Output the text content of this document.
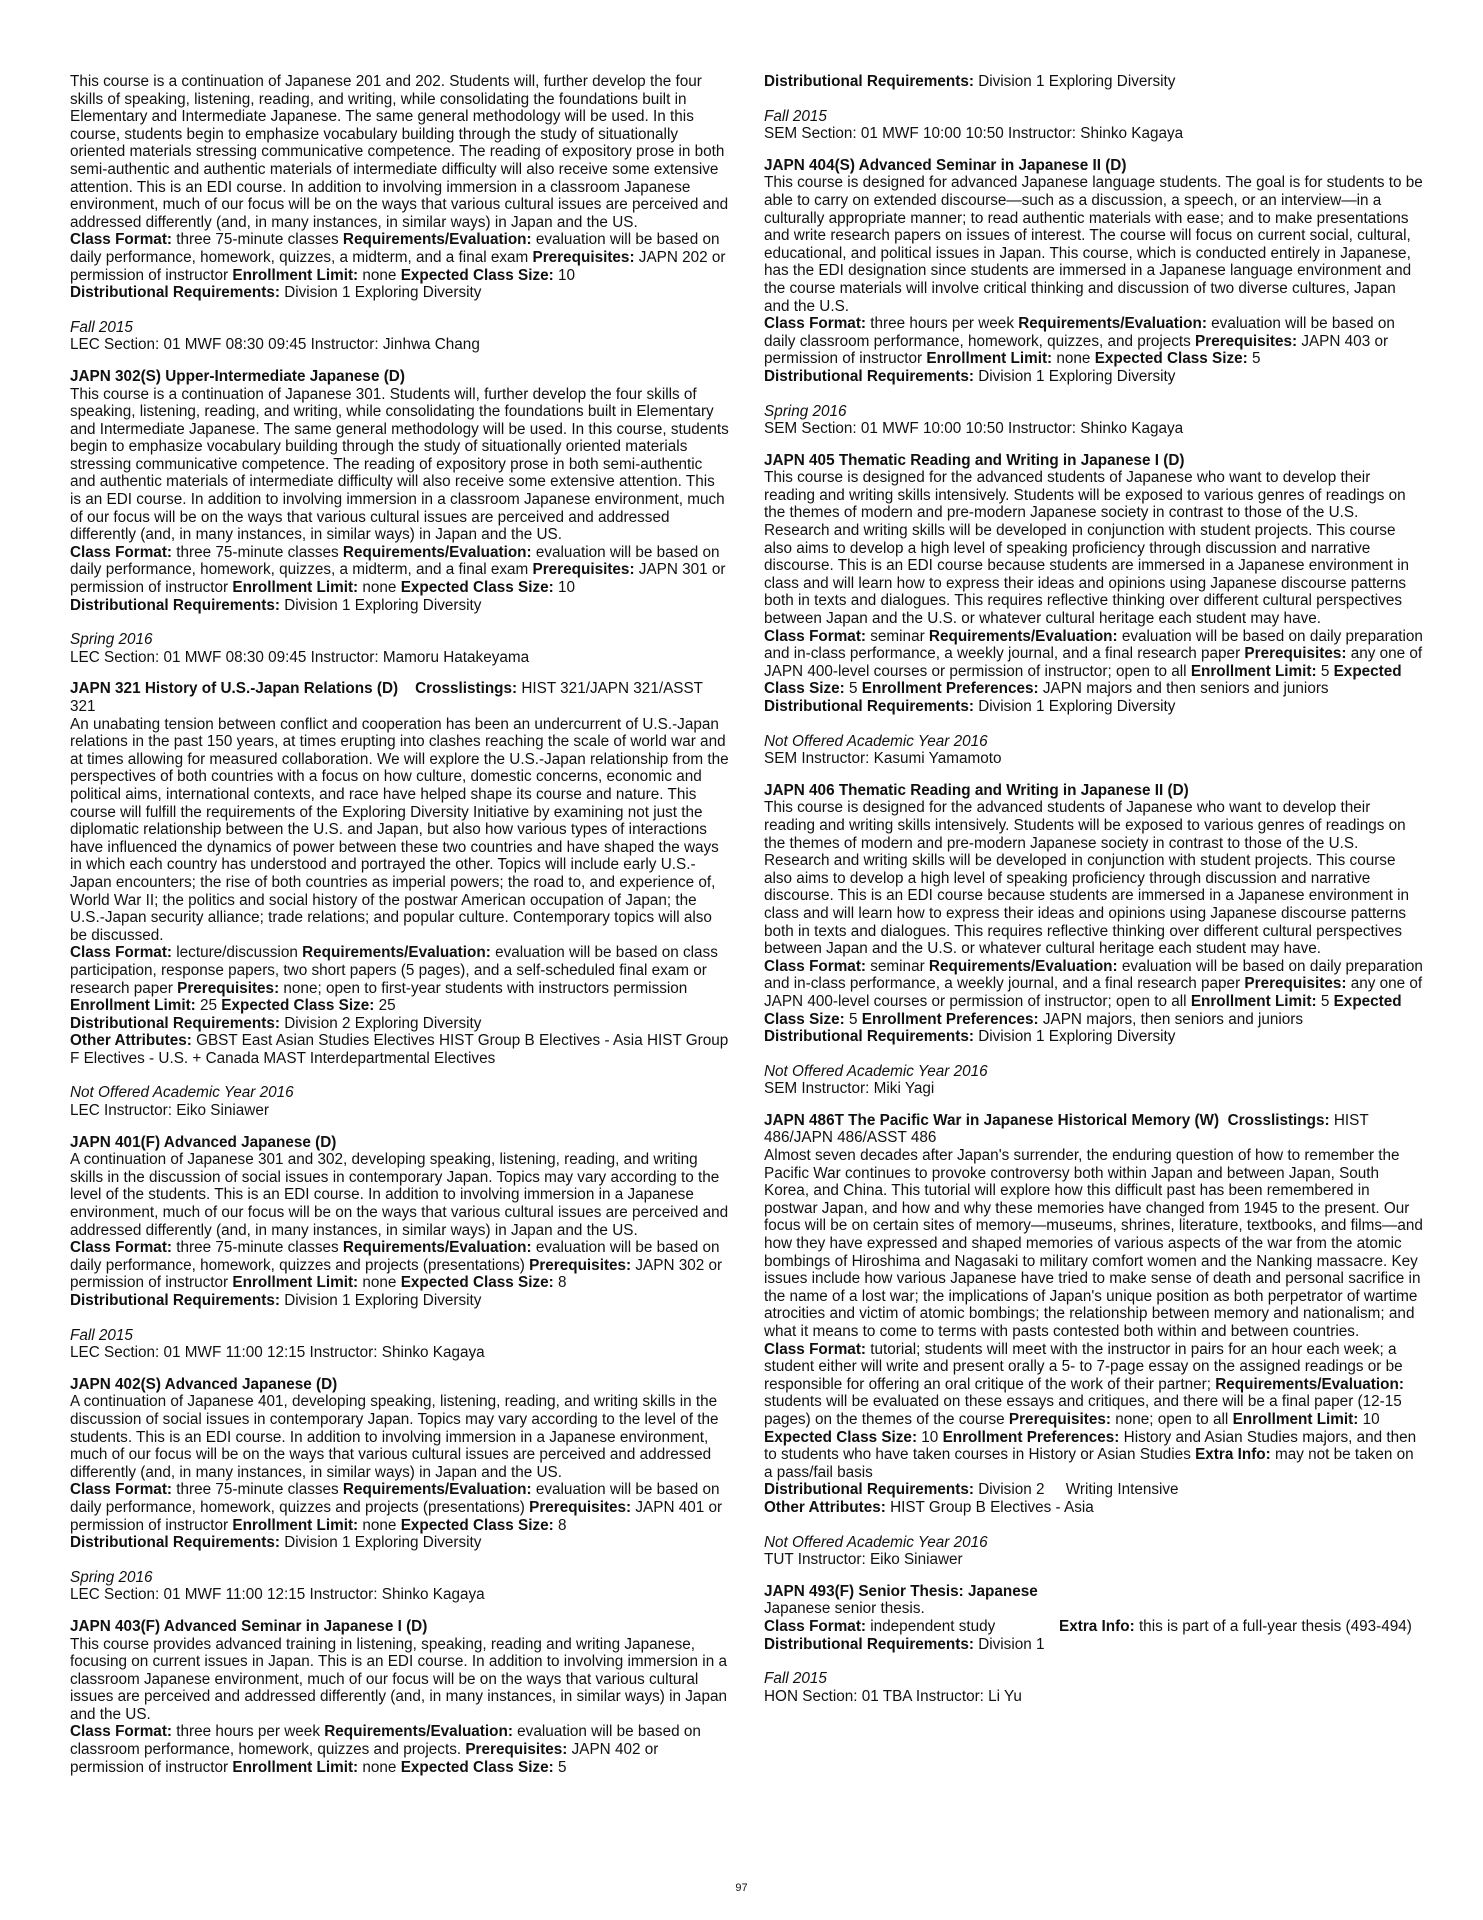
This course is a continuation of Japanese 201 and 202. Students will, further develop the four skills of speaking, listening, reading, and writing, while consolidating the foundations built in Elementary and Intermediate Japanese. The same general methodology will be used. In this course, students begin to emphasize vocabulary building through the study of situationally oriented materials stressing communicative competence. The reading of expository prose in both semi-authentic and authentic materials of intermediate difficulty will also receive some extensive attention. This is an EDI course. In addition to involving immersion in a classroom Japanese environment, much of our focus will be on the ways that various cultural issues are perceived and addressed differently (and, in many instances, in similar ways) in Japan and the US.
Class Format: three 75-minute classes Requirements/Evaluation: evaluation will be based on daily performance, homework, quizzes, a midterm, and a final exam Prerequisites: JAPN 202 or permission of instructor Enrollment Limit: none Expected Class Size: 10
Distributional Requirements: Division 1 Exploring Diversity
Fall 2015
LEC Section: 01 MWF 08:30 09:45 Instructor: Jinhwa Chang
JAPN 302(S) Upper-Intermediate Japanese (D)
This course is a continuation of Japanese 301. Students will, further develop the four skills of speaking, listening, reading, and writing, while consolidating the foundations built in Elementary and Intermediate Japanese. The same general methodology will be used. In this course, students begin to emphasize vocabulary building through the study of situationally oriented materials stressing communicative competence. The reading of expository prose in both semi-authentic and authentic materials of intermediate difficulty will also receive some extensive attention. This is an EDI course. In addition to involving immersion in a classroom Japanese environment, much of our focus will be on the ways that various cultural issues are perceived and addressed differently (and, in many instances, in similar ways) in Japan and the US.
Class Format: three 75-minute classes Requirements/Evaluation: evaluation will be based on daily performance, homework, quizzes, a midterm, and a final exam Prerequisites: JAPN 301 or permission of instructor Enrollment Limit: none Expected Class Size: 10
Distributional Requirements: Division 1 Exploring Diversity
Spring 2016
LEC Section: 01 MWF 08:30 09:45 Instructor: Mamoru Hatakeyama
JAPN 321 History of U.S.-Japan Relations (D) Crosslistings: HIST 321/JAPN 321/ASST 321
An unabating tension between conflict and cooperation has been an undercurrent of U.S.-Japan relations in the past 150 years, at times erupting into clashes reaching the scale of world war and at times allowing for measured collaboration. We will explore the U.S.-Japan relationship from the perspectives of both countries with a focus on how culture, domestic concerns, economic and political aims, international contexts, and race have helped shape its course and nature. This course will fulfill the requirements of the Exploring Diversity Initiative by examining not just the diplomatic relationship between the U.S. and Japan, but also how various types of interactions have influenced the dynamics of power between these two countries and have shaped the ways in which each country has understood and portrayed the other. Topics will include early U.S.-Japan encounters; the rise of both countries as imperial powers; the road to, and experience of, World War II; the politics and social history of the postwar American occupation of Japan; the U.S.-Japan security alliance; trade relations; and popular culture. Contemporary topics will also be discussed.
Class Format: lecture/discussion Requirements/Evaluation: evaluation will be based on class participation, response papers, two short papers (5 pages), and a self-scheduled final exam or research paper Prerequisites: none; open to first-year students with instructors permission Enrollment Limit: 25 Expected Class Size: 25
Distributional Requirements: Division 2 Exploring Diversity
Other Attributes: GBST East Asian Studies Electives HIST Group B Electives - Asia HIST Group F Electives - U.S. + Canada MAST Interdepartmental Electives
Not Offered Academic Year 2016
LEC Instructor: Eiko Siniawer
JAPN 401(F) Advanced Japanese (D)
A continuation of Japanese 301 and 302, developing speaking, listening, reading, and writing skills in the discussion of social issues in contemporary Japan. Topics may vary according to the level of the students. This is an EDI course. In addition to involving immersion in a Japanese environment, much of our focus will be on the ways that various cultural issues are perceived and addressed differently (and, in many instances, in similar ways) in Japan and the US.
Class Format: three 75-minute classes Requirements/Evaluation: evaluation will be based on daily performance, homework, quizzes and projects (presentations) Prerequisites: JAPN 302 or permission of instructor Enrollment Limit: none Expected Class Size: 8
Distributional Requirements: Division 1 Exploring Diversity
Fall 2015
LEC Section: 01 MWF 11:00 12:15 Instructor: Shinko Kagaya
JAPN 402(S) Advanced Japanese (D)
A continuation of Japanese 401, developing speaking, listening, reading, and writing skills in the discussion of social issues in contemporary Japan. Topics may vary according to the level of the students. This is an EDI course. In addition to involving immersion in a Japanese environment, much of our focus will be on the ways that various cultural issues are perceived and addressed differently (and, in many instances, in similar ways) in Japan and the US.
Class Format: three 75-minute classes Requirements/Evaluation: evaluation will be based on daily performance, homework, quizzes and projects (presentations) Prerequisites: JAPN 401 or permission of instructor Enrollment Limit: none Expected Class Size: 8
Distributional Requirements: Division 1 Exploring Diversity
Spring 2016
LEC Section: 01 MWF 11:00 12:15 Instructor: Shinko Kagaya
JAPN 403(F) Advanced Seminar in Japanese I (D)
This course provides advanced training in listening, speaking, reading and writing Japanese, focusing on current issues in Japan. This is an EDI course. In addition to involving immersion in a classroom Japanese environment, much of our focus will be on the ways that various cultural issues are perceived and addressed differently (and, in many instances, in similar ways) in Japan and the US.
Class Format: three hours per week Requirements/Evaluation: evaluation will be based on classroom performance, homework, quizzes and projects. Prerequisites: JAPN 402 or permission of instructor Enrollment Limit: none Expected Class Size: 5
Distributional Requirements: Division 1 Exploring Diversity
Fall 2015
SEM Section: 01 MWF 10:00 10:50 Instructor: Shinko Kagaya
JAPN 404(S) Advanced Seminar in Japanese II (D)
This course is designed for advanced Japanese language students. The goal is for students to be able to carry on extended discourse—such as a discussion, a speech, or an interview—in a culturally appropriate manner; to read authentic materials with ease; and to make presentations and write research papers on issues of interest. The course will focus on current social, cultural, educational, and political issues in Japan. This course, which is conducted entirely in Japanese, has the EDI designation since students are immersed in a Japanese language environment and the course materials will involve critical thinking and discussion of two diverse cultures, Japan and the U.S.
Class Format: three hours per week Requirements/Evaluation: evaluation will be based on daily classroom performance, homework, quizzes, and projects Prerequisites: JAPN 403 or permission of instructor Enrollment Limit: none Expected Class Size: 5
Distributional Requirements: Division 1 Exploring Diversity
Spring 2016
SEM Section: 01 MWF 10:00 10:50 Instructor: Shinko Kagaya
JAPN 405 Thematic Reading and Writing in Japanese I (D)
This course is designed for the advanced students of Japanese who want to develop their reading and writing skills intensively. Students will be exposed to various genres of readings on the themes of modern and pre-modern Japanese society in contrast to those of the U.S. Research and writing skills will be developed in conjunction with student projects. This course also aims to develop a high level of speaking proficiency through discussion and narrative discourse. This is an EDI course because students are immersed in a Japanese environment in class and will learn how to express their ideas and opinions using Japanese discourse patterns both in texts and dialogues. This requires reflective thinking over different cultural perspectives between Japan and the U.S. or whatever cultural heritage each student may have.
Class Format: seminar Requirements/Evaluation: evaluation will be based on daily preparation and in-class performance, a weekly journal, and a final research paper Prerequisites: any one of JAPN 400-level courses or permission of instructor; open to all Enrollment Limit: 5 Expected Class Size: 5 Enrollment Preferences: JAPN majors and then seniors and juniors
Distributional Requirements: Division 1 Exploring Diversity
Not Offered Academic Year 2016
SEM Instructor: Kasumi Yamamoto
JAPN 406 Thematic Reading and Writing in Japanese II (D)
This course is designed for the advanced students of Japanese who want to develop their reading and writing skills intensively. Students will be exposed to various genres of readings on the themes of modern and pre-modern Japanese society in contrast to those of the U.S. Research and writing skills will be developed in conjunction with student projects. This course also aims to develop a high level of speaking proficiency through discussion and narrative discourse. This is an EDI course because students are immersed in a Japanese environment in class and will learn how to express their ideas and opinions using Japanese discourse patterns both in texts and dialogues. This requires reflective thinking over different cultural perspectives between Japan and the U.S. or whatever cultural heritage each student may have.
Class Format: seminar Requirements/Evaluation: evaluation will be based on daily preparation and in-class performance, a weekly journal, and a final research paper Prerequisites: any one of JAPN 400-level courses or permission of instructor; open to all Enrollment Limit: 5 Expected Class Size: 5 Enrollment Preferences: JAPN majors, then seniors and juniors
Distributional Requirements: Division 1 Exploring Diversity
Not Offered Academic Year 2016
SEM Instructor: Miki Yagi
JAPN 486T The Pacific War in Japanese Historical Memory (W) Crosslistings: HIST 486/JAPN 486/ASST 486
Almost seven decades after Japan's surrender, the enduring question of how to remember the Pacific War continues to provoke controversy both within Japan and between Japan, South Korea, and China. This tutorial will explore how this difficult past has been remembered in postwar Japan, and how and why these memories have changed from 1945 to the present. Our focus will be on certain sites of memory—museums, shrines, literature, textbooks, and films—and how they have expressed and shaped memories of various aspects of the war from the atomic bombings of Hiroshima and Nagasaki to military comfort women and the Nanking massacre. Key issues include how various Japanese have tried to make sense of death and personal sacrifice in the name of a lost war; the implications of Japan's unique position as both perpetrator of wartime atrocities and victim of atomic bombings; the relationship between memory and nationalism; and what it means to come to terms with pasts contested both within and between countries.
Class Format: tutorial; students will meet with the instructor in pairs for an hour each week; a student either will write and present orally a 5- to 7-page essay on the assigned readings or be responsible for offering an oral critique of the work of their partner; Requirements/Evaluation: students will be evaluated on these essays and critiques, and there will be a final paper (12-15 pages) on the themes of the course Prerequisites: none; open to all Enrollment Limit: 10 Expected Class Size: 10 Enrollment Preferences: History and Asian Studies majors, and then to students who have taken courses in History or Asian Studies Extra Info: may not be taken on a pass/fail basis
Distributional Requirements: Division 2     Writing Intensive
Other Attributes: HIST Group B Electives - Asia
Not Offered Academic Year 2016
TUT Instructor: Eiko Siniawer
JAPN 493(F) Senior Thesis: Japanese
Japanese senior thesis.
Class Format: independent study	Extra Info: this is part of a full-year thesis (493-494)
Distributional Requirements: Division 1
Fall 2015
HON Section: 01 TBA Instructor: Li Yu
97
